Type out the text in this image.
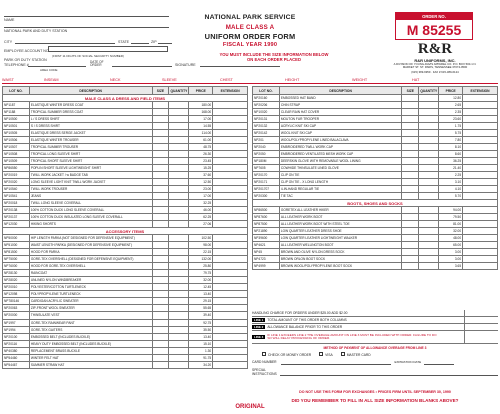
NATIONAL PARK SERVICE
MALE CLASS A
UNIFORM ORDER FORM
FISCAL YEAR 1990
YOU MUST INCLUDE THE SIZE INFORMATION BELOW ON EACH ORDER PLACED
ORDER NO.
M 85255
R&R
R&R UNIFORMS, INC.
A DIVISION OF YOUNG-DAVIS APPAREL CO. P.O. BOX 500-1 N. MARKET ST. ST. PARIS, TENNESSEE 37074-0500
(615) 389-9959 · FAX # 615-389-6124
NAME
NATIONAL PARK AND DUTY STATION
CITY	STATE	ZIP
EMPLOYEE ACCOUNT NO.
(FIRST 11 DIGITS OF SOCIAL SECURITY NUMBER)
PARK OR DUTY STATION
TELEPHONE #
AREA CODE
DATE OF ORDER	SIGNATURE
WAIST	INSEAM	NECK	SLEEVE	CHEST	HEIGHT	WEIGHT	HAT
LOT NO.	DESCRIPTION	SIZE	QUANTITY	PRICE	EXTENSION
MALE CLASS A DRESS AND FIELD ITEMS					
NP1187	ELASTIQUE WINTER DRESS COAT			180.00	
NP1188	TROPICAL SUMMER DRESS COAT			168.00	
NP10500	L / S DRESS SHIRT			17.00	
NP10501	S / S DRESS SHIRT			14.55	
NP10505	ELASTIQUE DRESS SERGE JACKET			114.00	
NP10506	ELASTIQUE WINTER TROUSER			61.00	
NP10507	TROPICAL SUMMER TROUSER			48.75	
NP10508	TROPICAL LONG SLEEVE SHIRT			26.30	
NP10509	TROPICAL SHORT SLEEVE SHIRT			23.45	
NP86550	POPLIN SHORT SLEEVE LIGHTWEIGHT SHIRT			15.25	
NP20019	TWILL WORK JACKET / w BADGE TAB			37.60	
NP20020	LONG SLEEVE LIGHT KNIT TWILL WORK JACKET			12.50	
NP10540	TWILL WORK TROUSER			23.00	
NP10541	JEANS			17.00	
NP20018	TWILL LONG SLEEVE COVERALL			32.25	
NP20138	100% COTTON DUCK LONG SLEEVE COVERALL			46.00	
NP20137	100% COTTON DUCK INSULATED LONG SLEEVE COVERALL			62.25	
NP12030	HIKING SHORTS			27.06	
ACCESSORY ITEMS					
NP50000	HIP LENGTH PARKA (NOT DESIGNED FOR DEFENSIVE EQUIPMENT)			102.50	
NP51000	WAIST LENGTH PARKA (DESIGNED FOR DEFENSIVE EQUIPMENT)			98.00	
NP81500	HOOD FOR PARKA			22.15	
NP75000	GORE-TEX OVERSHELL (DESIGNED FOR DEFENSIVE EQUIPMENT)			132.00	
NP76000	HOOD FOR GORE-TEX OVERSHELL			25.80	
NP28130	RAINCOAT			79.75	
NP28020	UNLINED NYLON WINDBREAKER			32.00	
NP20010	POLYESTER/COTTON TURTLENECK			12.45	
NP12098	POLYPROPYLENE TURTLENECK			13.40	
NP780146	CARDIGAN ACRYLIC SWEATER			29.15	
NP20063	ZIP-FRONT WOOL SWEATER			55.65	
NP20000	THINSULATE VEST			39.40	
NP1997	GORE-TEX RAINWEAR PANT			92.75	
NP1994	GORE-TEX GAITERS			35.50	
NP20100	EMBOSSED BELT (INCLUDES BUCKLE)			13.40	
NP20116	HEAVY DUTY EMBOSSED BELT (INCLUDES BUCKLE)			15.10	
NP40380	REPLACEMENT BRASS BUCKLE			1.30	
NP54460	WINTER FELT HAT			91.75	
NP54467	SUMMER STRAW HAT			34.20	
LOT NO.	DESCRIPTION	SIZE	QUANTITY	PRICE	EXTENSION
NP20160	EMBOSSED HAT BAND			12.80	
NP20206	CHIN STRAP			2.65	
NP10020	CLEAR RAIN HAT COVER			2.35	
NP20131	MOUTON FUR TROOPER			23.60	
NP20132	ACRYLIC KNIT SKI CAP			1.75	
NP20142	WOOL KNIT SKI CAP			5.75	
NP201	WOOL/POLYPROPYLENE LINED BALACLAVA			7.80	
NP2040	EMBROIDERED TWILL WORK CAP			8.10	
NP2050	EMBROIDERED VENTILATED MESH WORK CAP			8.60	
NP180M	DEERSKIN GLOVE WITH REMOVABLE WOOL LINING			36.25	
NP7605	COWHIDE THINSULATE LINED GLOVE			21.40	
NP20170	CLIP ON TIE			2.25	
NP20171	CLIP ON TIE - X LONG LENGTH			3.10	
NP201707	4-IN-HAND REGULAR TIE			4.10	
NP20300	TIE TAC			5.70	
BOOTS, SHOES AND SOCKS					
NP86500	GORETEX ALL LEATHER HIKER			94.00	
NP87600	ALL LEATHER WORK BOOT			79.50	
NP87500	ALL LEATHER WORK BOOT WITH STEEL TOE			81.00	
NP21890	LOW QUARTER LEATHER DRESS SHOE			32.00	
NP39600	LOW QUARTER LEATHER LIGHTWEIGHT WALKER			48.00	
NP4621	ALL LEATHER WELLINGTON BOOT			65.00	
NP45	BROWN AND OLIVE NYLON DRESS SOCK			3.00	
NP4723	BROWN ORLON BOOT SOCK			3.00	
NP4999	BROWN WOOL/POLYPROPYLENE BOOT SOCK			3.65	
HANDLING CHARGE FOR ORDERS UNDER $25.00 ADD $2.00
LINE 1 TOTAL AMOUNT OF THIS ORDER BOTH COLUMNS
LINE 2 ALLOWANCE BALANCE PRIOR TO THIS ORDER
LINE 3
IF LINE 1 EXCEEDS LINE 2 THE OVERAGE AMOUNT ON LINE 3 MUST BE INCLUDED WITH ORDER. FAILURE TO DO SO WILL DELAY PROCESSING OF ORDER.
METHOD OF PAYMENT OF ALLOWANCE OVERAGE FROM LINE 3
CHECK OR MONEY ORDER	VISA	MASTER CARD
CARD NUMBER	EXPIRATION DATE
SPECIAL INSTRUCTIONS
DO NOT USE THIS FORM FOR EXCHANGES • PRICES FIRM UNTIL SEPTEMBER 30, 1990
DID YOU REMEMBER TO FILL IN ALL SIZE INFORMATION BLANKS ABOVE?
ORIGINAL
